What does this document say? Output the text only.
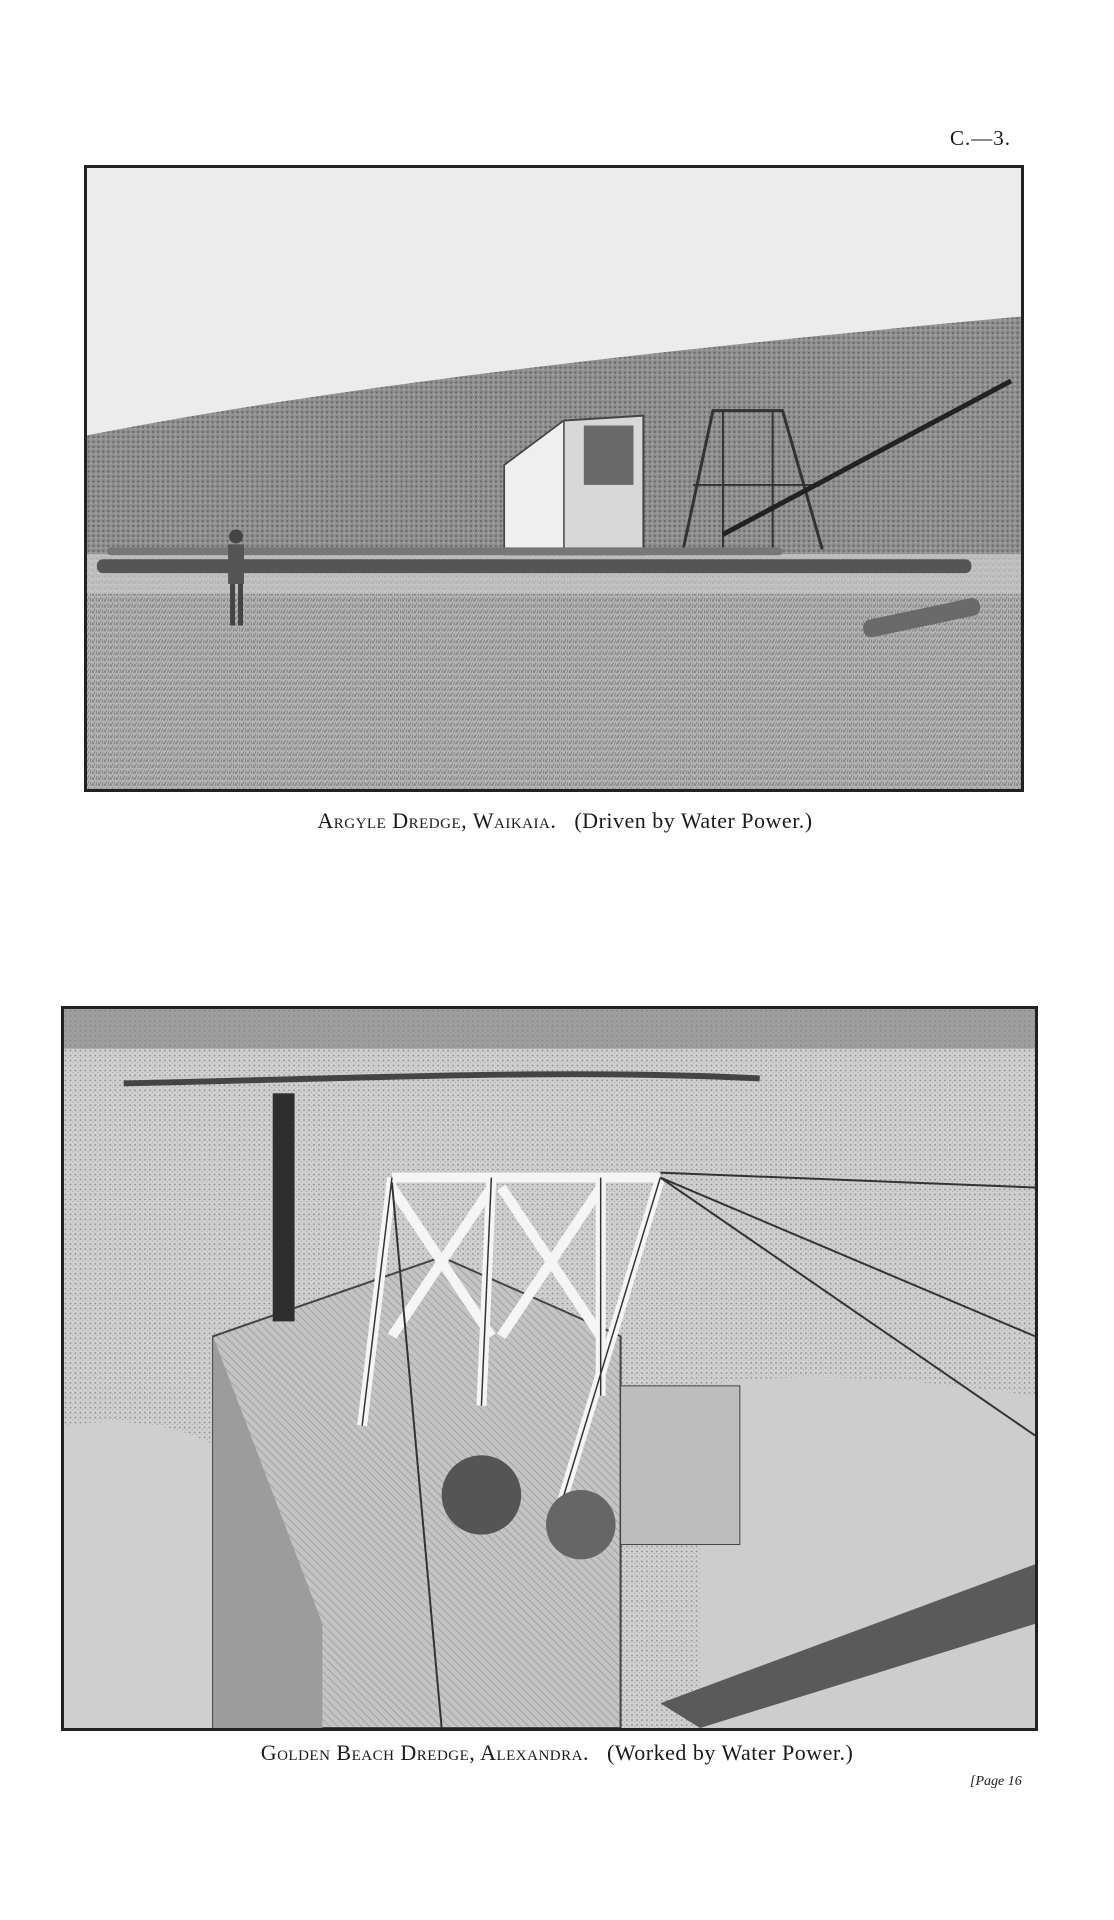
C.—3.
Argyle Dredge, Waikaia. (Driven by Water Power.)
Golden Beach Dredge, Alexandra. (Worked by Water Power.)
[Page 16
